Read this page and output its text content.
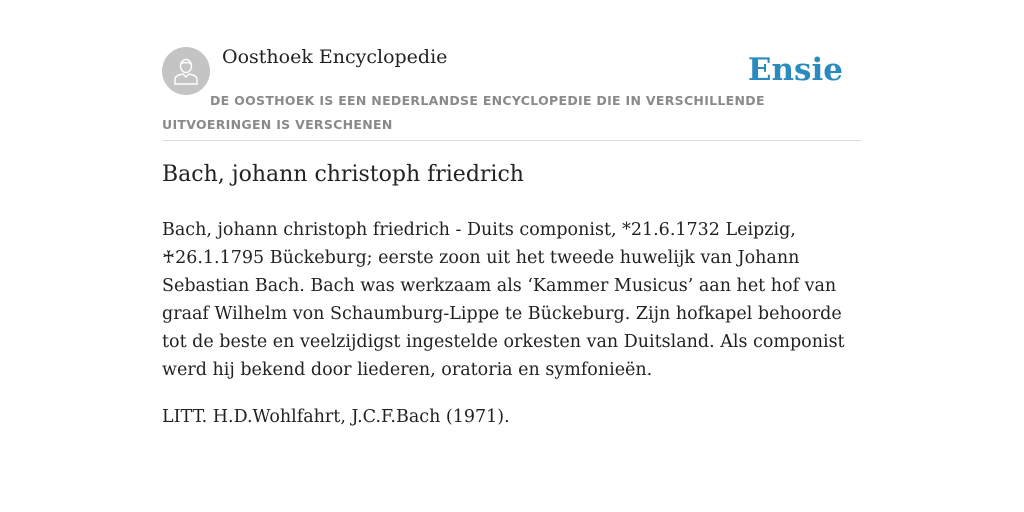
Oosthoek Encyclopedie	Ensie
DE OOSTHOEK IS EEN NEDERLANDSE ENCYCLOPEDIE DIE IN VERSCHILLENDE UITVOERINGEN IS VERSCHENEN
Bach, johann christoph friedrich

Bach, johann christoph friedrich - Duits componist, *21.6.1732 Leipzig, ♰26.1.1795 Bückeburg; eerste zoon uit het tweede huwelijk van Johann Sebastian Bach. Bach was werkzaam als ‘Kammer Musicus’ aan het hof van graaf Wilhelm von Schaumburg-Lippe te Bückeburg. Zijn hofkapel behoorde tot de beste en veelzijdigst ingestelde orkesten van Duitsland. Als componist werd hij bekend door liederen, oratoria en symfonieën.

LITT. H.D.Wohlfahrt, J.C.F.Bach (1971).
